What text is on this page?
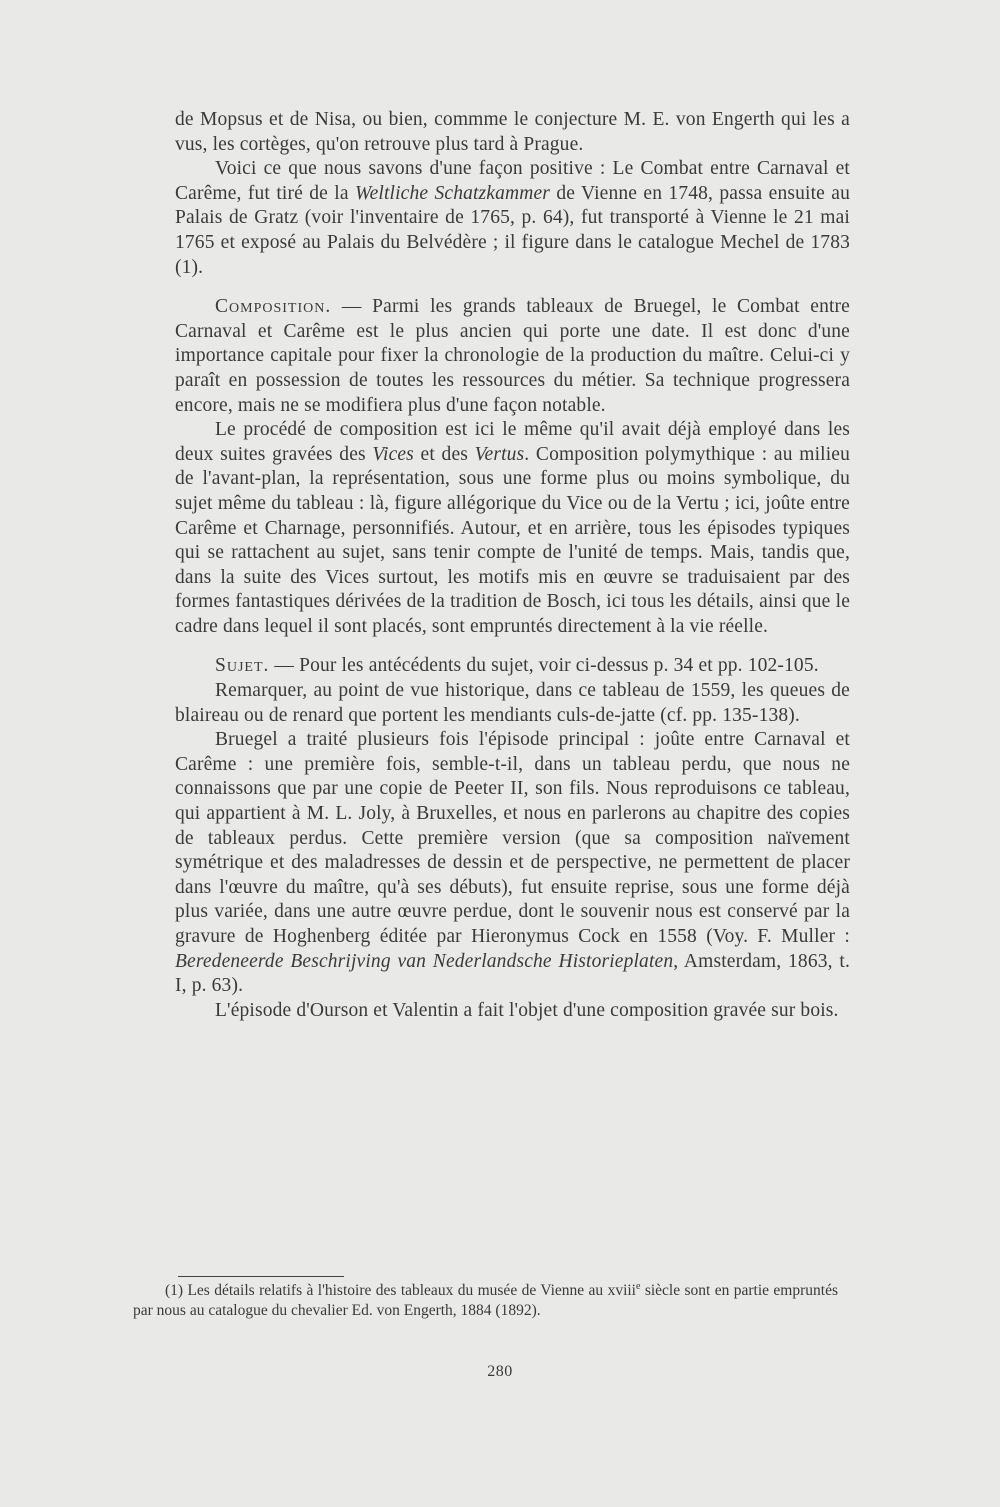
de Mopsus et de Nisa, ou bien, commme le conjecture M. E. von Engerth qui les a vus, les cortèges, qu'on retrouve plus tard à Prague.

Voici ce que nous savons d'une façon positive : Le Combat entre Carnaval et Carême, fut tiré de la Weltliche Schatzkammer de Vienne en 1748, passa ensuite au Palais de Gratz (voir l'inventaire de 1765, p. 64), fut transporté à Vienne le 21 mai 1765 et exposé au Palais du Belvédère ; il figure dans le catalogue Mechel de 1783 (1).

Composition. — Parmi les grands tableaux de Bruegel, le Combat entre Carnaval et Carême est le plus ancien qui porte une date. Il est donc d'une importance capitale pour fixer la chronologie de la production du maître. Celui-ci y paraît en possession de toutes les ressources du métier. Sa technique progressera encore, mais ne se modifiera plus d'une façon notable.

Le procédé de composition est ici le même qu'il avait déjà employé dans les deux suites gravées des Vices et des Vertus. Composition polymythique : au milieu de l'avant-plan, la représentation, sous une forme plus ou moins symbolique, du sujet même du tableau : là, figure allégorique du Vice ou de la Vertu ; ici, joûte entre Carême et Charnage, personnifiés. Autour, et en arrière, tous les épisodes typiques qui se rattachent au sujet, sans tenir compte de l'unité de temps. Mais, tandis que, dans la suite des Vices surtout, les motifs mis en œuvre se traduisaient par des formes fantastiques dérivées de la tradition de Bosch, ici tous les détails, ainsi que le cadre dans lequel il sont placés, sont empruntés directement à la vie réelle.

Sujet. — Pour les antécédents du sujet, voir ci-dessus p. 34 et pp. 102-105.

Remarquer, au point de vue historique, dans ce tableau de 1559, les queues de blaireau ou de renard que portent les mendiants culs-de-jatte (cf. pp. 135-138).

Bruegel a traité plusieurs fois l'épisode principal : joûte entre Carnaval et Carême : une première fois, semble-t-il, dans un tableau perdu, que nous ne connaissons que par une copie de Peeter II, son fils. Nous reproduisons ce tableau, qui appartient à M. L. Joly, à Bruxelles, et nous en parlerons au chapitre des copies de tableaux perdus. Cette première version (que sa composition naïvement symétrique et des maladresses de dessin et de perspective, ne permettent de placer dans l'œuvre du maître, qu'à ses débuts), fut ensuite reprise, sous une forme déjà plus variée, dans une autre œuvre perdue, dont le souvenir nous est conservé par la gravure de Hoghenberg éditée par Hieronymus Cock en 1558 (Voy. F. Muller : Beredeneerde Beschrijving van Nederlandsche Historieplaten, Amsterdam, 1863, t. I, p. 63).

L'épisode d'Ourson et Valentin a fait l'objet d'une composition gravée sur bois.

(1) Les détails relatifs à l'histoire des tableaux du musée de Vienne au xviii$^e$ siècle sont en partie empruntés par nous au catalogue du chevalier Ed. von Engerth, 1884 (1892).

280
